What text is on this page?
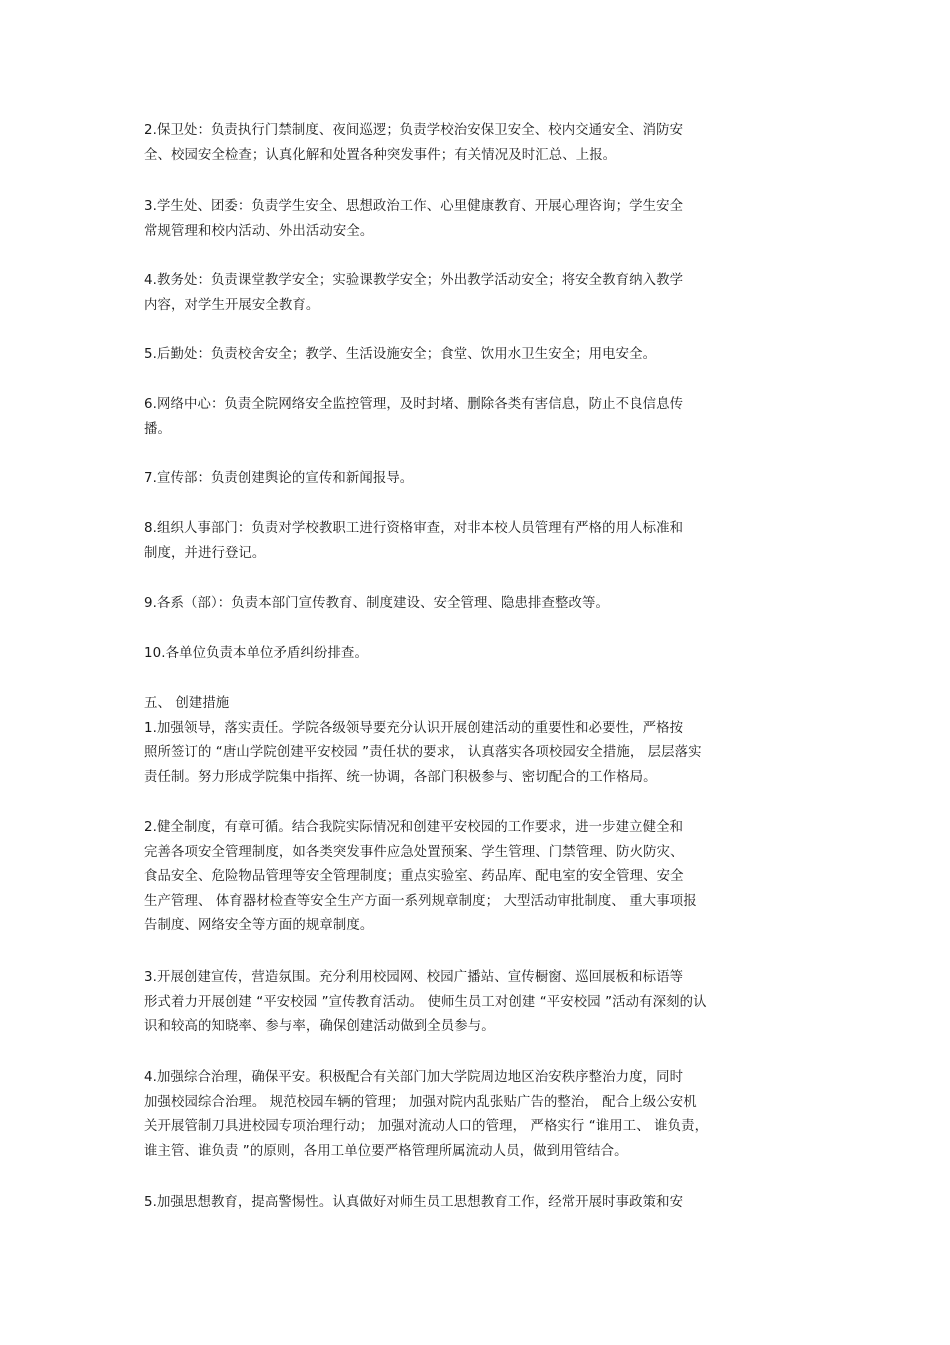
2.保卫处：负责执行门禁制度、夜间巡逻；负责学校治安保卫安全、校内交通安全、消防安
全、校园安全检查；认真化解和处置各种突发事件；有关情况及时汇总、上报。
3.学生处、团委：负责学生安全、思想政治工作、心里健康教育、开展心理咨询；学生安全
常规管理和校内活动、外出活动安全。
4.教务处：负责课堂教学安全；实验课教学安全；外出教学活动安全；将安全教育纳入教学
内容，对学生开展安全教育。
5.后勤处：负责校舍安全；教学、生活设施安全；食堂、饮用水卫生安全；用电安全。
6.网络中心：负责全院网络安全监控管理，及时封堵、删除各类有害信息，防止不良信息传
播。
7.宣传部：负责创建舆论的宣传和新闻报导。
8.组织人事部门：负责对学校教职工进行资格审查，对非本校人员管理有严格的用人标准和
制度，并进行登记。
9.各系（部）：负责本部门宣传教育、制度建设、安全管理、隐患排查整改等。
10.各单位负责本单位矛盾纠纷排查。
五、 创建措施
1.加强领导，落实责任。学院各级领导要充分认识开展创建活动的重要性和必要性，严格按
照所签订的 “唐山学院创建平安校园 ”责任状的要求， 认真落实各项校园安全措施， 层层落实
责任制。努力形成学院集中指挥、统一协调，各部门积极参与、密切配合的工作格局。
2.健全制度，有章可循。结合我院实际情况和创建平安校园的工作要求，进一步建立健全和
完善各项安全管理制度，如各类突发事件应急处置预案、学生管理、门禁管理、防火防灾、
食品安全、危险物品管理等安全管理制度；重点实验室、药品库、配电室的安全管理、安全
生产管理、 体育器材检查等安全生产方面一系列规章制度； 大型活动审批制度、 重大事项报
告制度、网络安全等方面的规章制度。
3.开展创建宣传，营造氛围。充分利用校园网、校园广播站、宣传橱窗、巡回展板和标语等
形式着力开展创建 “平安校园 ”宣传教育活动。 使师生员工对创建 “平安校园 ”活动有深刻的认
识和较高的知晓率、参与率，确保创建活动做到全员参与。
4.加强综合治理，确保平安。积极配合有关部门加大学院周边地区治安秩序整治力度，同时
加强校园综合治理。 规范校园车辆的管理； 加强对院内乱张贴广告的整治， 配合上级公安机
关开展管制刀具进校园专项治理行动； 加强对流动人口的管理， 严格实行 “谁用工、 谁负责，
谁主管、谁负责 ”的原则，各用工单位要严格管理所属流动人员，做到用管结合。
5.加强思想教育，提高警惕性。认真做好对师生员工思想教育工作，经常开展时事政策和安
